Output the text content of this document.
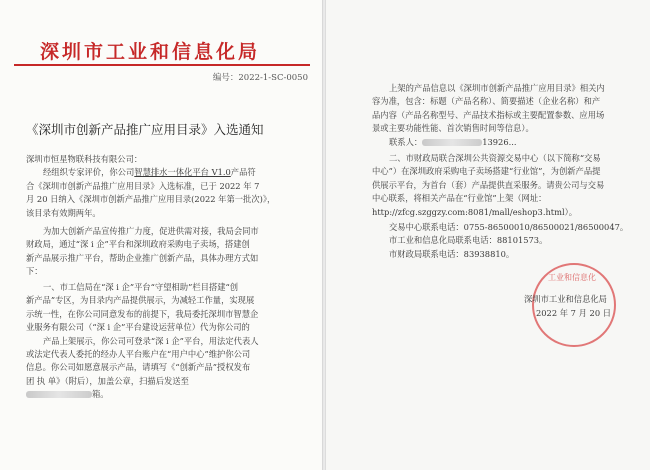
深圳市工业和信息化局
编号：2022-1-SC-0050
《深圳市创新产品推广应用目录》入选通知
深圳市恒星物联科技有限公司：
经组织专家评价，你公司智慧排水一体化平台 V1.0产品符
合《深圳市创新产品推广应用目录》入选标准，已于 2022 年 7
月 20 日纳入《深圳市创新产品推广应用目录(2022 年第一批次)》，
该目录有效期两年。
为加大创新产品宣传推广力度，促进供需对接，我局会同市
财政局，通过“深 i 企”平台和深圳政府采购电子卖场，搭建创
新产品展示推广平台，帮助企业推广创新产品，具体办理方式如
下：
一、市工信局在“深 i 企”平台“守望相助”栏目搭建“创
新产品”专区，为目录内产品提供展示，为减轻工作量，实现展
示统一性，在你公司同意发布的前提下，我局委托深圳市智慧企
业服务有限公司（“深 i 企”平台建设运营单位）代为你公司的
产品上架展示，你公司可登录“深 i 企”平台，用法定代表人
或法定代表人委托的经办人平台账户在“用户中心”维护你公司
信息。你公司如愿意展示产品，请填写《“创新产品”授权发布
团 执 单》（附后），加盖公章，扫描后发送至
箱。
上架的产品信息以《深圳市创新产品推广应用目录》相关内
容为准，包含：标题（产品名称）、简要描述（企业名称）和产
品内容（产品名称型号、产品技术指标或主要配置参数、应用场
景或主要功能性能、首次销售时间等信息）。
联系人：	13926...
二、市财政局联合深圳公共资源交易中心（以下简称“交易
中心”）在深圳政府采购电子卖场搭建“行业馆”，为创新产品提
供展示平台，为首台（套）产品提供直采服务。请贵公司与交易
中心联系，将相关产品在“行业馆”上架（网址：
http://zfcg.szggzy.com:8081/mall/eshop3.html）。
交易中心联系电话：0755-86500010/86500021/86500047。
市工业和信息化局联系电话：88101573。
市财政局联系电话：83938810。
工业和信息化
深圳市工业和信息化局
2022 年 7 月 20 日
